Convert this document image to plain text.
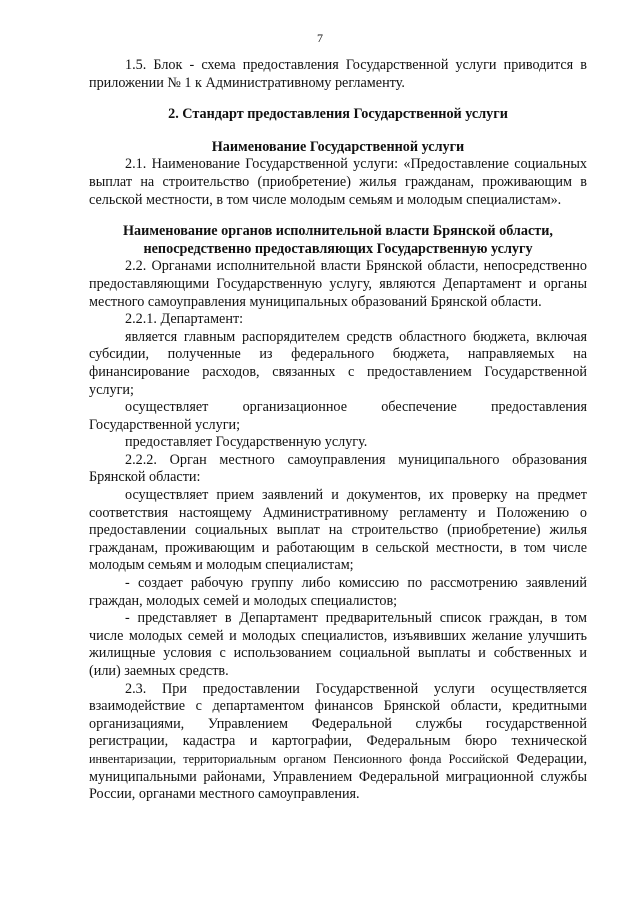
7

1.5. Блок - схема предоставления Государственной услуги приводится в приложении № 1 к Административному регламенту.

2. Стандарт предоставления Государственной услуги
Наименование Государственной услуги

2.1. Наименование Государственной услуги: «Предоставление социальных выплат на строительство (приобретение) жилья гражданам, проживающим в сельской местности, в том числе молодым семьям и молодым специалистам».

Наименование органов исполнительной власти Брянской области,
непосредственно предоставляющих Государственную услугу

2.2. Органами исполнительной власти Брянской области, непосредственно предоставляющими Государственную услугу, являются Департамент и органы местного самоуправления муниципальных образований Брянской области.

2.2.1. Департамент:

является главным распорядителем средств областного бюджета, включая субсидии, полученные из федерального бюджета, направляемых на финансирование расходов, связанных с предоставлением Государственной услуги;

осуществляет организационное обеспечение предоставления Государственной услуги;

предоставляет Государственную услугу.

2.2.2. Орган местного самоуправления муниципального образования Брянской области:

осуществляет прием заявлений и документов, их проверку на предмет соответствия настоящему Административному регламенту и Положению о предоставлении социальных выплат на строительство (приобретение) жилья гражданам, проживающим и работающим в сельской местности, в том числе молодым семьям и молодым специалистам;

- создает рабочую группу либо комиссию по рассмотрению заявлений граждан, молодых семей и молодых специалистов;

- представляет в Департамент предварительный список граждан, в том числе молодых семей и молодых специалистов, изъявивших желание улучшить жилищные условия с использованием социальной выплаты и собственных и (или) заемных средств.

2.3. При предоставлении Государственной услуги осуществляется взаимодействие с департаментом финансов Брянской области, кредитными организациями, Управлением Федеральной службы государственной регистрации, кадастра и картографии, Федеральным бюро технической инвентаризации, территориальным органом Пенсионного фонда Российской Федерации, муниципальными районами, Управлением Федеральной миграционной службы России, органами местного самоуправления.
